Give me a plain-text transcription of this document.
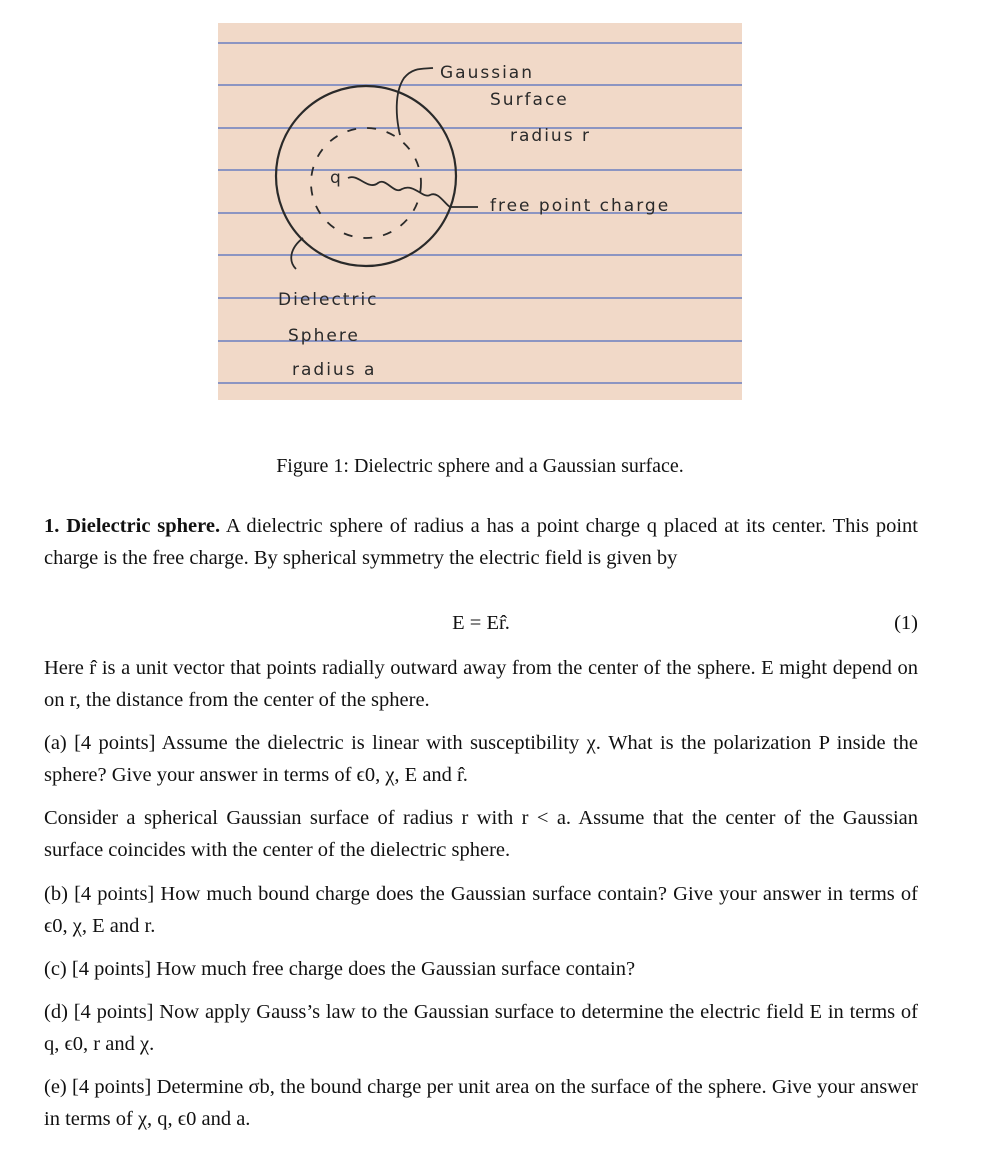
q
Gaussian
Surface
radius r
free point charge
Dielectric
Sphere
radius a
Figure 1: Dielectric sphere and a Gaussian surface.
1. Dielectric sphere. A dielectric sphere of radius a has a point charge q placed at its center. This point charge is the free charge. By spherical symmetry the electric field is given by
E = Er̂.	(1)
Here r̂ is a unit vector that points radially outward away from the center of the sphere. E might depend on on r, the distance from the center of the sphere.
(a) [4 points] Assume the dielectric is linear with susceptibility χ. What is the polarization P inside the sphere? Give your answer in terms of ϵ0, χ, E and r̂.
Consider a spherical Gaussian surface of radius r with r < a. Assume that the center of the Gaussian surface coincides with the center of the dielectric sphere.
(b) [4 points] How much bound charge does the Gaussian surface contain? Give your answer in terms of ϵ0, χ, E and r.
(c) [4 points] How much free charge does the Gaussian surface contain?
(d) [4 points] Now apply Gauss’s law to the Gaussian surface to determine the electric field E in terms of q, ϵ0, r and χ.
(e) [4 points] Determine σb, the bound charge per unit area on the surface of the sphere. Give your answer in terms of χ, q, ϵ0 and a.
